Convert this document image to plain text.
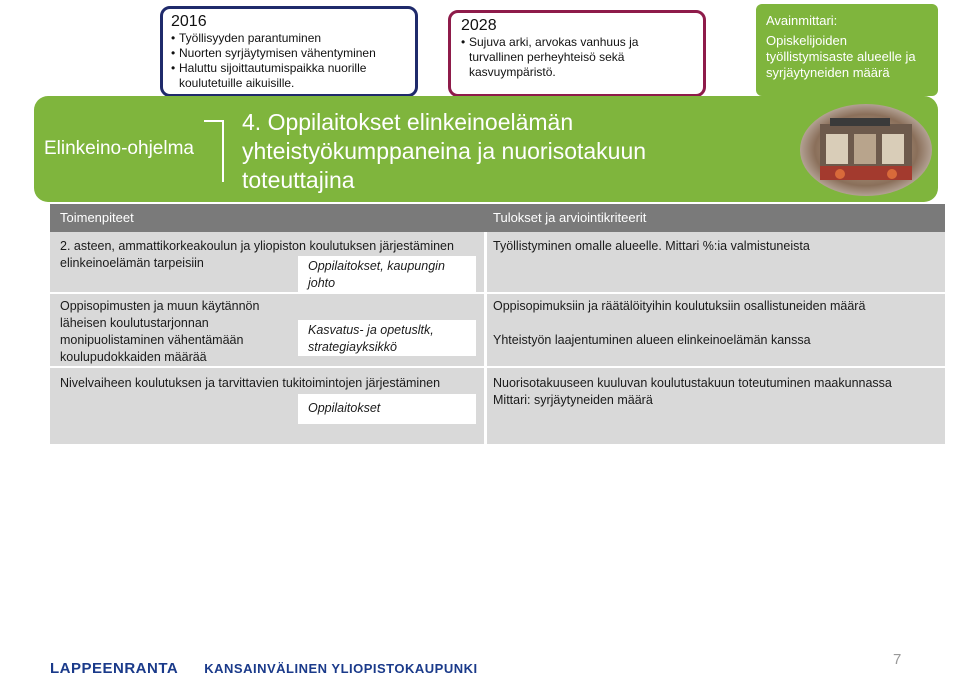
2016
• Työllisyyden parantuminen
• Nuorten syrjäytymisen vähentyminen
• Haluttu sijoittautumispaikka nuorille koulutetuille aikuisille.
2028
• Sujuva arki, arvokas vanhuus ja turvallinen perheyhteisö sekä kasvuympäristö.
Avainmittari:
Opiskelijoiden työllistymisaste alueelle ja syrjäytyneiden määrä
Elinkeino-ohjelma
4. Oppilaitokset elinkeinoelämän yhteistyökumppaneina ja nuorisotakuun toteuttajina
Toimenpiteet	Tulokset ja arviointikriteerit
2. asteen, ammattikorkeakoulun ja yliopiston koulutuksen järjestäminen elinkeinoelämän tarpeisiin	Oppilaitokset, kaupungin johto
Työllistyminen omalle alueelle. Mittari %:ia valmistuneista
Oppisopimusten ja muun käytännön läheisen koulutustarjonnan monipuolistaminen vähentämään koulupudokkaiden määrää
Kasvatus- ja opetusltk, strategiayksikkö
Oppisopimuksiin ja räätälöityihin koulutuksiin osallistuneiden määrä
Yhteistyön laajentuminen alueen elinkeinoelämän kanssa
Nivelvaiheen koulutuksen ja tarvittavien tukitoimintojen järjestäminen
Oppilaitokset
Nuorisotakuuseen kuuluvan koulutustakuun toteutuminen maakunnassa Mittari: syrjäytyneiden määrä
LAPPEENRANTA KANSAINVÄLINEN YLIOPISTOKAUPUNKI
7
